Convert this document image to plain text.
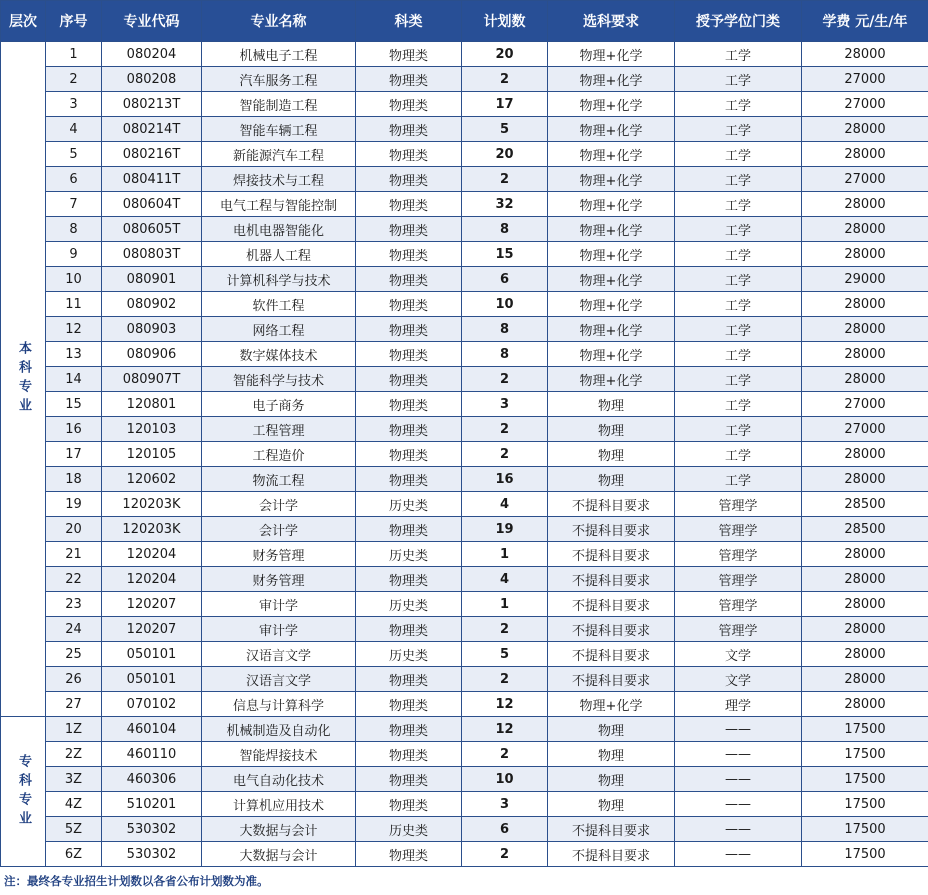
层次	序号	专业代码	专业名称	科类	计划数	选科要求	授予学位门类	学费 元/生/年

本科专业	1	080204	机械电子工程	物理类	20	物理+化学	工学	28000
	2	080208	汽车服务工程	物理类	2	物理+化学	工学	27000
	3	080213T	智能制造工程	物理类	17	物理+化学	工学	27000
	4	080214T	智能车辆工程	物理类	5	物理+化学	工学	28000
	5	080216T	新能源汽车工程	物理类	20	物理+化学	工学	28000
	6	080411T	焊接技术与工程	物理类	2	物理+化学	工学	27000
	7	080604T	电气工程与智能控制	物理类	32	物理+化学	工学	28000
	8	080605T	电机电器智能化	物理类	8	物理+化学	工学	28000
	9	080803T	机器人工程	物理类	15	物理+化学	工学	28000
	10	080901	计算机科学与技术	物理类	6	物理+化学	工学	29000
	11	080902	软件工程	物理类	10	物理+化学	工学	28000
	12	080903	网络工程	物理类	8	物理+化学	工学	28000
	13	080906	数字媒体技术	物理类	8	物理+化学	工学	28000
	14	080907T	智能科学与技术	物理类	2	物理+化学	工学	28000
	15	120801	电子商务	物理类	3	物理	工学	27000
	16	120103	工程管理	物理类	2	物理	工学	27000
	17	120105	工程造价	物理类	2	物理	工学	28000
	18	120602	物流工程	物理类	16	物理	工学	28000
	19	120203K	会计学	历史类	4	不提科目要求	管理学	28500
	20	120203K	会计学	物理类	19	不提科目要求	管理学	28500
	21	120204	财务管理	历史类	1	不提科目要求	管理学	28000
	22	120204	财务管理	物理类	4	不提科目要求	管理学	28000
	23	120207	审计学	历史类	1	不提科目要求	管理学	28000
	24	120207	审计学	物理类	2	不提科目要求	管理学	28000
	25	050101	汉语言文学	历史类	5	不提科目要求	文学	28000
	26	050101	汉语言文学	物理类	2	不提科目要求	文学	28000
	27	070102	信息与计算科学	物理类	12	物理+化学	理学	28000

专科专业	1Z	460104	机械制造及自动化	物理类	12	物理	——	17500
	2Z	460110	智能焊接技术	物理类	2	物理	——	17500
	3Z	460306	电气自动化技术	物理类	10	物理	——	17500
	4Z	510201	计算机应用技术	物理类	3	物理	——	17500
	5Z	530302	大数据与会计	历史类	6	不提科目要求	——	17500
	6Z	530302	大数据与会计	物理类	2	不提科目要求	——	17500
注：最终各专业招生计划数以各省公布计划数为准。
